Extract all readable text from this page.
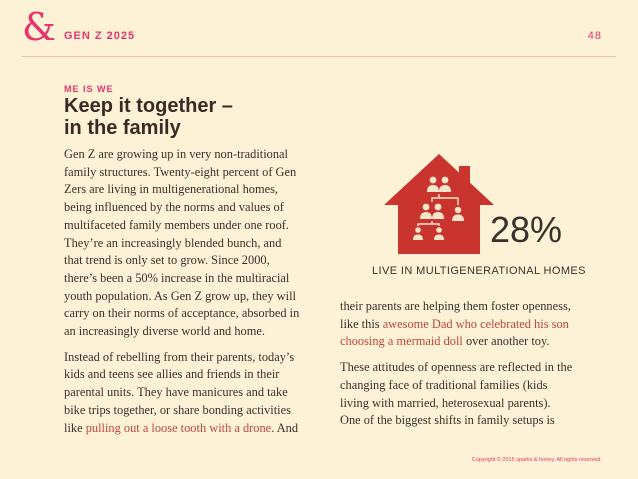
& GEN Z 2025	48
ME IS WE
Keep it together –
in the family

Gen Z are growing up in very non-traditional family structures. Twenty-eight percent of Gen Zers are living in multigenerational homes, being influenced by the norms and values of multifaceted family members under one roof. They’re an increasingly blended bunch, and that trend is only set to grow. Since 2000, there’s been a 50% increase in the multiracial youth population. As Gen Z grow up, they will carry on their norms of acceptance, absorbed in an increasingly diverse world and home.

Instead of rebelling from their parents, today’s kids and teens see allies and friends in their parental units. They have manicures and take bike trips together, or share bonding activities like pulling out a loose tooth with a drone. And

28%
LIVE IN MULTIGENERATIONAL HOMES

their parents are helping them foster openness, like this awesome Dad who celebrated his son choosing a mermaid doll over another toy.

These attitudes of openness are reflected in the changing face of traditional families (kids living with married, heterosexual parents). One of the biggest shifts in family setups is

Copyright © 2015 sparks & honey. All rights reserved.
